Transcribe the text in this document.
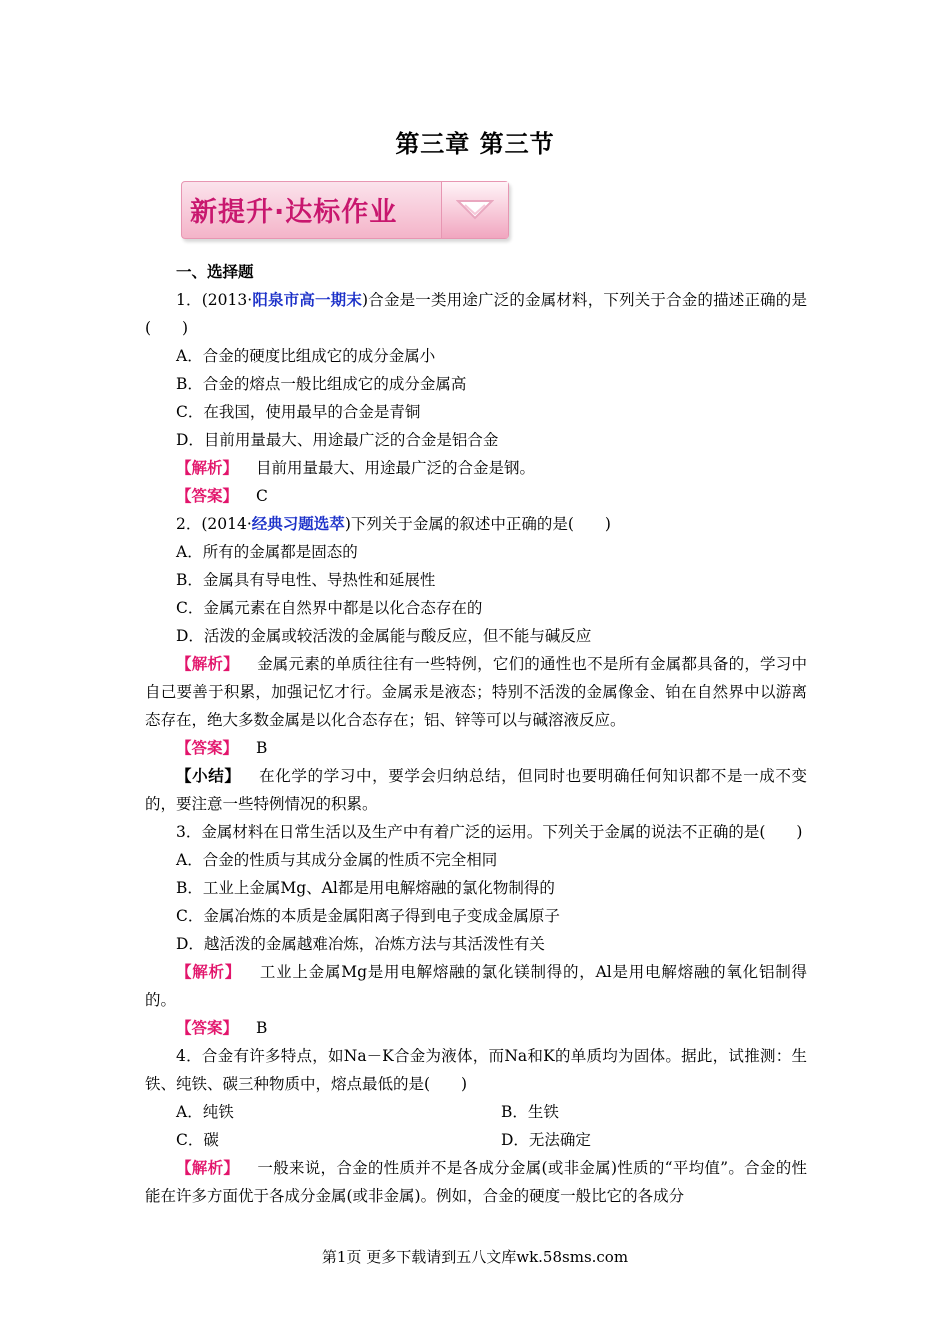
第三章 第三节
新提升·达标作业

一、选择题

1．(2013·阳泉市高一期末)合金是一类用途广泛的金属材料，下列关于合金的描述正确的是(　　)

A．合金的硬度比组成它的成分金属小

B．合金的熔点一般比组成它的成分金属高

C．在我国，使用最早的合金是青铜

D．目前用量最大、用途最广泛的合金是铝合金

【解析】 目前用量最大、用途最广泛的合金是钢。

【答案】 C

2．(2014·经典习题选萃)下列关于金属的叙述中正确的是(　　)

A．所有的金属都是固态的

B．金属具有导电性、导热性和延展性

C．金属元素在自然界中都是以化合态存在的

D．活泼的金属或较活泼的金属能与酸反应，但不能与碱反应

【解析】 金属元素的单质往往有一些特例，它们的通性也不是所有金属都具备的，学习中自己要善于积累，加强记忆才行。金属汞是液态；特别不活泼的金属像金、铂在自然界中以游离态存在，绝大多数金属是以化合态存在；铝、锌等可以与碱溶液反应。

【答案】 B

【小结】 在化学的学习中，要学会归纳总结，但同时也要明确任何知识都不是一成不变的，要注意一些特例情况的积累。

3．金属材料在日常生活以及生产中有着广泛的运用。下列关于金属的说法不正确的是(　　)

A．合金的性质与其成分金属的性质不完全相同

B．工业上金属Mg、Al都是用电解熔融的氯化物制得的

C．金属冶炼的本质是金属阳离子得到电子变成金属原子

D．越活泼的金属越难冶炼，冶炼方法与其活泼性有关

【解析】 工业上金属Mg是用电解熔融的氯化镁制得的，Al是用电解熔融的氧化铝制得的。

【答案】 B

4．合金有许多特点，如Na－K合金为液体，而Na和K的单质均为固体。据此，试推测：生铁、纯铁、碳三种物质中，熔点最低的是(　　)

A．纯铁	B．生铁
C．碳	D．无法确定

【解析】 一般来说，合金的性质并不是各成分金属(或非金属)性质的“平均值”。合金的性能在许多方面优于各成分金属(或非金属)。例如，合金的硬度一般比它的各成分

第1页 更多下载请到五八文库wk.58sms.com
